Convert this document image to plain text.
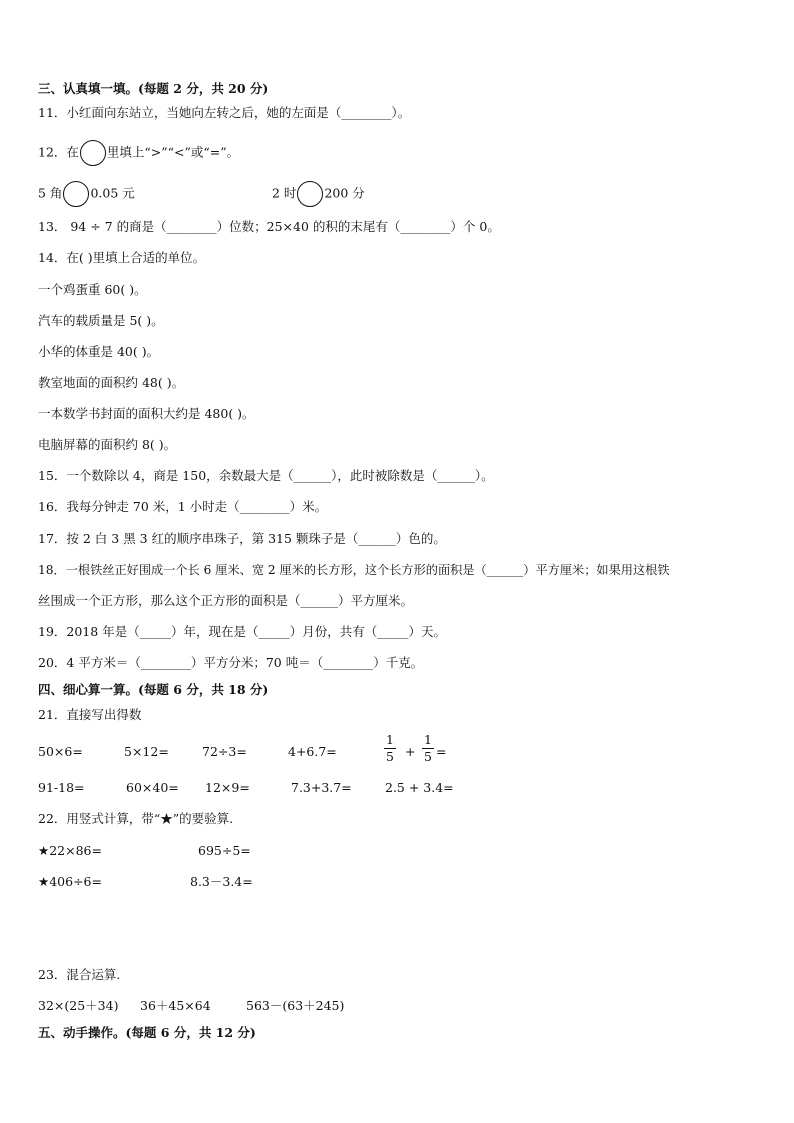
三、认真填一填。(每题 2 分，共 20 分)
11．小红面向东站立，当她向左转之后，她的左面是（________）。
12．在 里填上“>”“<”或“=”。
5 角 0.05 元	2 时 200 分
13． 94 ÷ 7 的商是（________）位数；25×40 的积的末尾有（________）个 0。
14．在( )里填上合适的单位。
一个鸡蛋重 60( )。
汽车的载质量是 5( )。
小华的体重是 40( )。
教室地面的面积约 48( )。
一本数学书封面的面积大约是 480( )。
电脑屏幕的面积约 8( )。
15．一个数除以 4，商是 150，余数最大是（______），此时被除数是（______）。
16．我每分钟走 70 米，1 小时走（________）米。
17．按 2 白 3 黑 3 红的顺序串珠子，第 315 颗珠子是（______）色的。
18．一根铁丝正好围成一个长 6 厘米、宽 2 厘米的长方形，这个长方形的面积是（______）平方厘米；如果用这根铁
丝围成一个正方形，那么这个正方形的面积是（______）平方厘米。
19．2018 年是（_____）年，现在是（_____）月份，共有（_____）天。
20．4 平方米＝（________）平方分米；70 吨＝（________）千克。
四、细心算一算。(每题 6 分，共 18 分)
21．直接写出得数
50×6=	5×12=	72÷3=	4+6.7=	$\frac{1}{5} + \frac{1}{5}$ =
91-18=	60×40= 12×9=	7.3+3.7=	2.5 + 3.4=
22．用竖式计算，带“★”的要验算.
★22×86=	695÷5=
★406÷6=	8.3－3.4=
23．混合运算.
32×(25＋34) 36＋45×64	563－(63＋245)
五、动手操作。(每题 6 分，共 12 分)
